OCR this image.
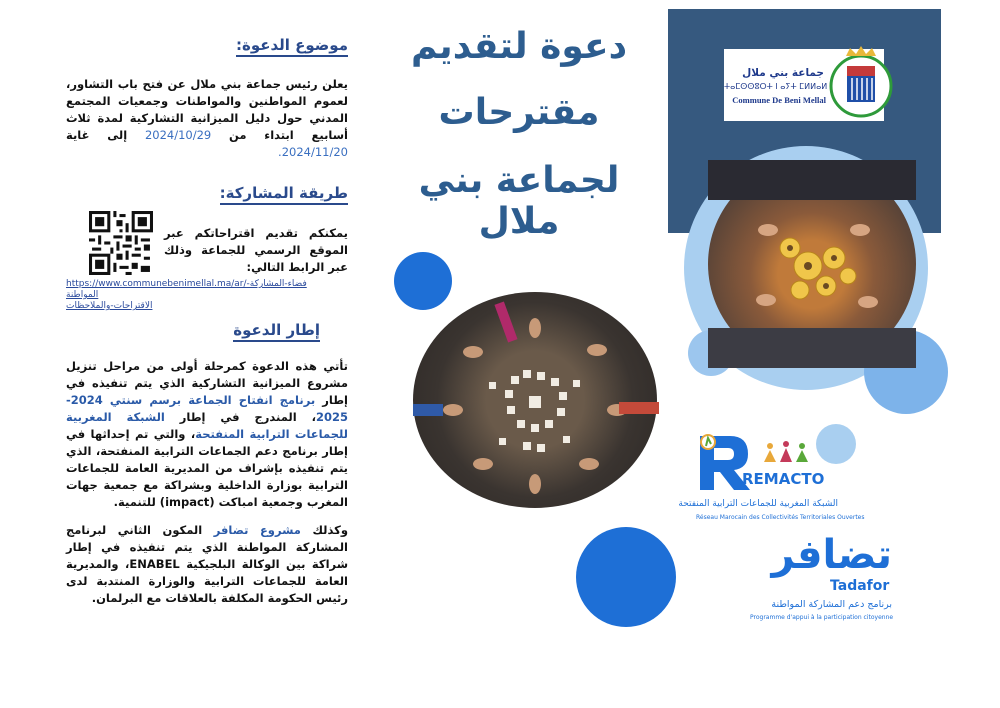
موضوع الدعوة:
يعلن رئيس جماعة بني ملال عن فتح باب التشاور، لعموم المواطنين والمواطنات وجمعيات المجتمع المدني حول دليل الميزانية التشاركية لمدة ثلاث أسابيع ابتداء من 2024/10/29 إلى غاية 2024/11/20.
طريقة المشاركة:
يمكنكم تقديم اقتراحاتكم عبر الموقع الرسمي للجماعة وذلك عبر الرابط التالي:
https://www.communebenimellal.ma/ar/فضاء-المشاركة-المواطنة
الاقتراحات-والملاحظات
إطار الدعوة
تأتي هذه الدعوة كمرحلة أولى من مراحل تنزيل مشروع الميزانية التشاركية الذي يتم تنفيذه في إطار برنامج انفتاح الجماعة برسم سنتي 2024-2025، المندرج في إطار الشبكة المغربية للجماعات الترابية المنفتحة، والتي تم إحداثها في إطار برنامج دعم الجماعات الترابية المنفتحة، الذي يتم تنفيذه بإشراف من المديرية العامة للجماعات الترابية بوزارة الداخلية وبشراكة مع جمعية جهات المغرب وجمعية امباكت (impact) للتنمية.
وكذلك مشروع تضافر المكون الثاني لبرنامج المشاركة المواطنة الذي يتم تنفيذه في إطار شراكة بين الوكالة البلجيكية ENABEL، والمديرية العامة للجماعات الترابية والوزارة المنتدبة لدى رئيس الحكومة المكلفة بالعلاقات مع البرلمان.
دعوة لتقديم
مقترحات
لجماعة بني ملال
جماعة بني ملال
ⵜⴰⵎⵙⵙⵓⵔⵜ ⵏ ⴰⵢⵜ ⵎⵍⵍⴰⵍ
Commune De Beni Mellal
REMACTO
الشبكة المغربية للجماعات الترابية المنفتحة
Réseau Marocain des Collectivités Territoriales Ouvertes
تضافر
Tadafor
برنامج دعم المشاركة المواطنة
Programme d'appui à la participation citoyenne
